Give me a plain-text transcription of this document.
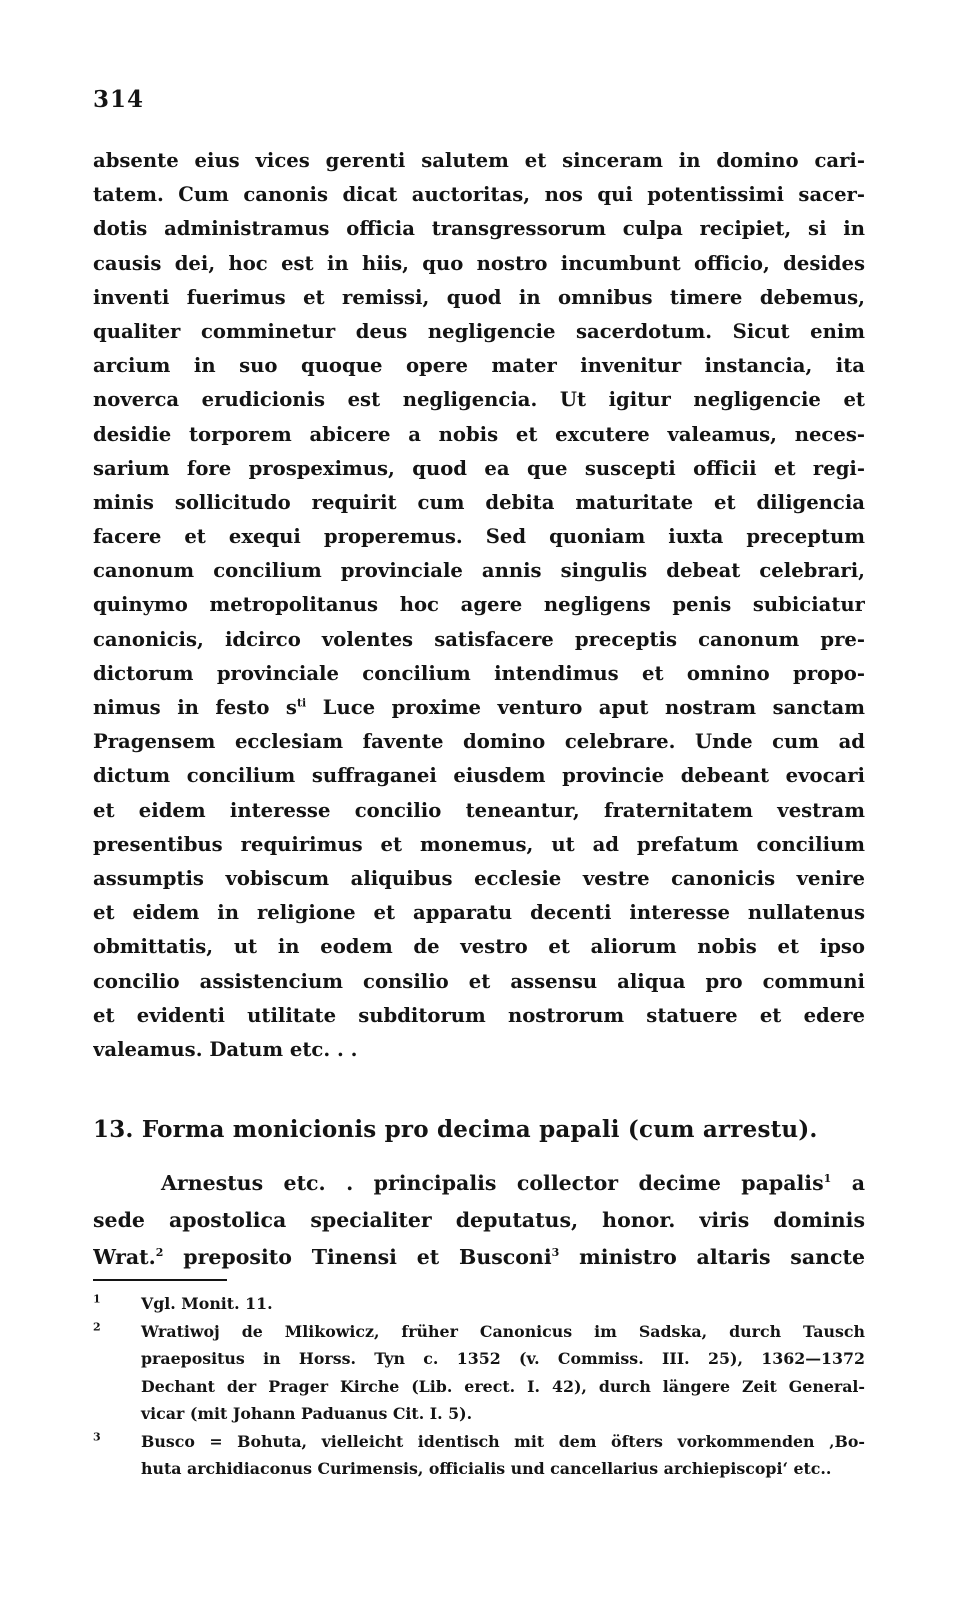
314
absente eius vices gerenti salutem et sinceram in domino cari-
tatem. Cum canonis dicat auctoritas, nos qui potentissimi sacer-
dotis administramus officia transgressorum culpa recipiet, si in
causis dei, hoc est in hiis, quo nostro incumbunt officio, desides
inventi fuerimus et remissi, quod in omnibus timere debemus,
qualiter comminetur deus negligencie sacerdotum. Sicut enim
arcium in suo quoque opere mater invenitur instancia, ita
noverca erudicionis est negligencia. Ut igitur negligencie et
desidie torporem abicere a nobis et excutere valeamus, neces-
sarium fore prospeximus, quod ea que suscepti officii et regi-
minis sollicitudo requirit cum debita maturitate et diligencia
facere et exequi properemus. Sed quoniam iuxta preceptum
canonum concilium provinciale annis singulis debeat celebrari,
quinymo metropolitanus hoc agere negligens penis subiciatur
canonicis, idcirco volentes satisfacere preceptis canonum pre-
dictorum provinciale concilium intendimus et omnino propo-
nimus in festo $s^{ti}$ Luce proxime venturo aput nostram sanctam
Pragensem ecclesiam favente domino celebrare. Unde cum ad
dictum concilium suffraganei eiusdem provincie debeant evocari
et eidem interesse concilio teneantur, fraternitatem vestram
presentibus requirimus et monemus, ut ad prefatum concilium
assumptis vobiscum aliquibus ecclesie vestre canonicis venire
et eidem in religione et apparatu decenti interesse nullatenus
obmittatis, ut in eodem de vestro et aliorum nobis et ipso
concilio assistencium consilio et assensu aliqua pro communi
et evidenti utilitate subditorum nostrorum statuere et edere
valeamus. Datum etc. . .
13. Forma monicionis pro decima papali (cum arrestu).
Arnestus etc. . principalis collector decime papalis$^1$ a
sede apostolica specialiter deputatus, honor. viris dominis
Wrat.$^2$ preposito Tinensi et Busconi$^3$ ministro altaris sancte
$^1$	Vgl. Monit. 11.
$^2$	Wratiwoj de Mlikowicz, früher Canonicus im Sadska, durch Tausch
praepositus in Horss. Tyn c. 1352 (v. Commiss. III. 25), 1362—1372
Dechant der Prager Kirche (Lib. erect. I. 42), durch längere Zeit General-
vicar (mit Johann Paduanus Cit. I. 5).
$^3$	Busco = Bohuta, vielleicht identisch mit dem öfters vorkommenden ‚Bo-
huta archidiaconus Curimensis, officialis und cancellarius archiepiscopi‘ etc..
